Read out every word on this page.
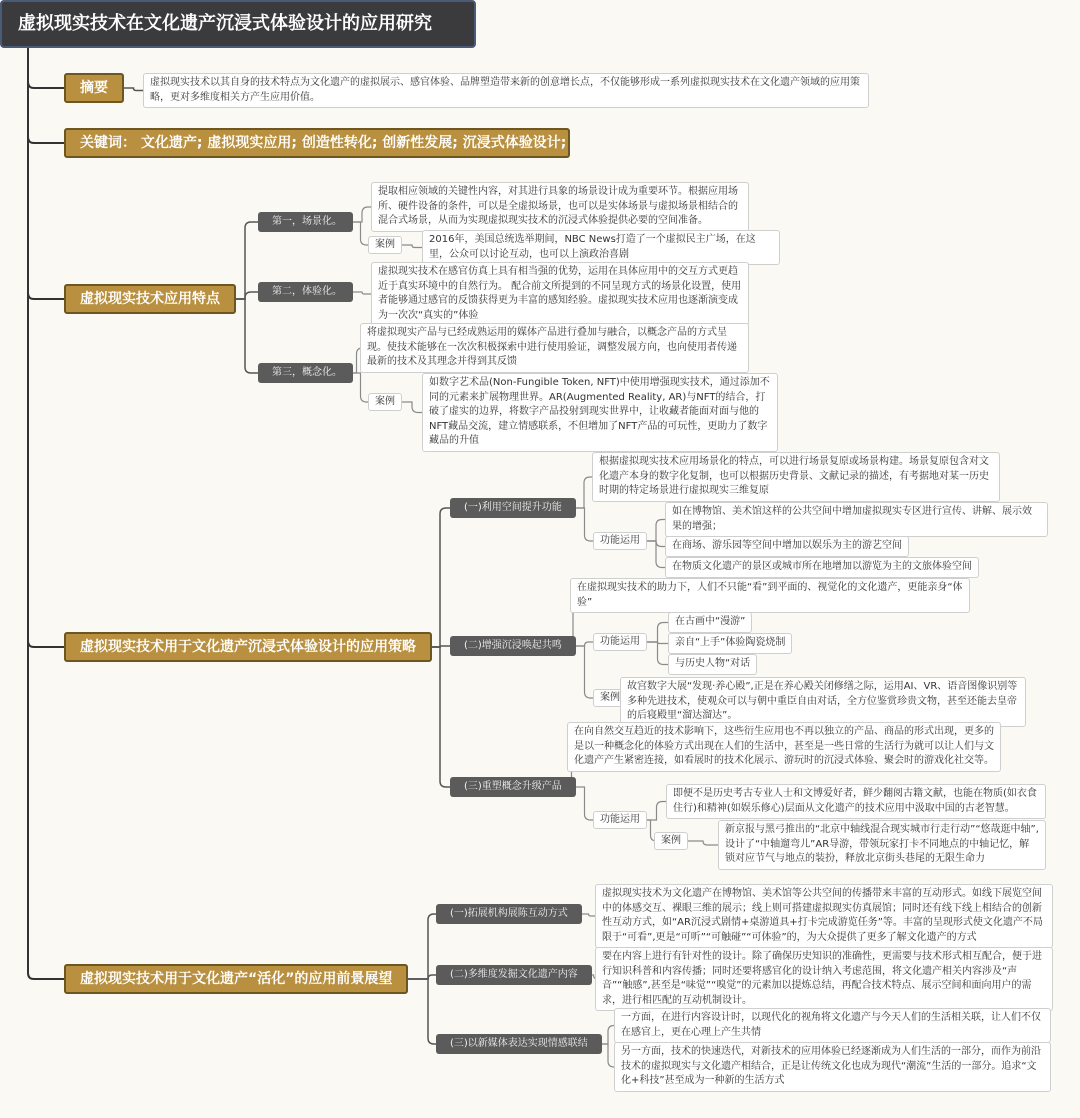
虚拟现实技术在文化遗产沉浸式体验设计的应用研究
摘要	虚拟现实技术以其自身的技术特点为文化遗产的虚拟展示、感官体验、品牌塑造带来新的创意增长点，不仅能够形成一系列虚拟现实技术在文化遗产领域的应用策略，更对多维度相关方产生应用价值。
关键词： 文化遗产; 虚拟现实应用; 创造性转化; 创新性发展; 沉浸式体验设计;
虚拟现实技术应用特点
第一，场景化。
提取相应领域的关键性内容，对其进行具象的场景设计成为重要环节。根据应用场所、硬件设备的条件，可以是全虚拟场景，也可以是实体场景与虚拟场景相结合的混合式场景，从而为实现虚拟现实技术的沉浸式体验提供必要的空间准备。
案例	2016年，美国总统选举期间，NBC News打造了一个虚拟民主广场，在这里，公众可以讨论互动，也可以上演政治喜剧
第二，体验化。
虚拟现实技术在感官仿真上具有相当强的优势，运用在具体应用中的交互方式更趋近于真实环境中的自然行为。 配合前文所提到的不同呈现方式的场景化设置，使用者能够通过感官的反馈获得更为丰富的感知经验。虚拟现实技术应用也逐渐演变成为一次次“真实的”体验
第三，概念化。
将虚拟现实产品与已经成熟运用的媒体产品进行叠加与融合，以概念产品的方式呈现。使技术能够在一次次积极探索中进行使用验证，调整发展方向，也向使用者传递最新的技术及其理念并得到其反馈
案例
如数字艺术品(Non-Fungible Token, NFT)中使用增强现实技术，通过添加不同的元素来扩展物理世界。AR(Augmented Reality, AR)与NFT的结合，打破了虚实的边界，将数字产品投射到现实世界中，让收藏者能面对面与他的NFT藏品交流，建立情感联系，不但增加了NFT产品的可玩性，更助力了数字藏品的升值
虚拟现实技术用于文化遗产沉浸式体验设计的应用策略
(一)利用空间提升功能
根据虚拟现实技术应用场景化的特点，可以进行场景复原或场景构建。场景复原包含对文化遗产本身的数字化复制，也可以根据历史背景、文献记录的描述，有考据地对某一历史时期的特定场景进行虚拟现实三维复原
功能运用
如在博物馆、美术馆这样的公共空间中增加虚拟现实专区进行宣传、讲解、展示效果的增强；
在商场、游乐园等空间中增加以娱乐为主的游艺空间
在物质文化遗产的景区或城市所在地增加以游览为主的文旅体验空间
(二)增强沉浸唤起共鸣
在虚拟现实技术的助力下，人们不只能“看”到平面的、视觉化的文化遗产，更能亲身“体验”
功能运用
在古画中“漫游”
亲自“上手”体验陶瓷烧制
与历史人物“对话
案例
故宫数字大展“发现·养心殿”,正是在养心殿关闭修缮之际，运用AI、VR、语音图像识别等多种先进技术，使观众可以与朝中重臣自由对话，全方位鉴赏珍贵文物，甚至还能去皇帝的后寝殿里“溜达溜达”。
(三)重塑概念升级产品
在向自然交互趋近的技术影响下，这些衍生应用也不再以独立的产品、商品的形式出现，更多的是以一种概念化的体验方式出现在人们的生活中，甚至是一些日常的生活行为就可以让人们与文化遗产产生紧密连接，如看展时的技术化展示、游玩时的沉浸式体验、聚会时的游戏化社交等。
功能运用
即便不是历史考古专业人士和文博爱好者，鲜少翻阅古籍文献，也能在物质(如衣食住行)和精神(如娱乐修心)层面从文化遗产的技术应用中汲取中国的古老智慧。
案例
新京报与黑弓推出的“北京中轴线混合现实城市行走行动”“悠哉逛中轴”,设计了“中轴遛弯儿”AR导游，带领玩家打卡不同地点的中轴记忆，解锁对应节气与地点的装扮，释放北京街头巷尾的无限生命力
虚拟现实技术用于文化遗产“活化”的应用前景展望
(一)拓展机构展陈互动方式
虚拟现实技术为文化遗产在博物馆、美术馆等公共空间的传播带来丰富的互动形式。如线下展览空间中的体感交互、裸眼三维的展示；线上则可搭建虚拟现实仿真展馆；同时还有线下线上相结合的创新性互动方式，如“AR沉浸式剧情+桌游道具+打卡完成游览任务”等。丰富的呈现形式使文化遗产不局限于“可看”,更是“可听”“可触碰”“可体验”的，为大众提供了更多了解文化遗产的方式
(二)多维度发掘文化遗产内容
要在内容上进行有针对性的设计。除了确保历史知识的准确性，更需要与技术形式相互配合，便于进行知识科普和内容传播；同时还要将感官化的设计纳入考虑范围，将文化遗产相关内容涉及“声音”“触感”,甚至是“味觉”“嗅觉”的元素加以提炼总结，再配合技术特点、展示空间和面向用户的需求，进行相匹配的互动机制设计。
(三)以新媒体表达实现情感联结
一方面，在进行内容设计时，以现代化的视角将文化遗产与今天人们的生活相关联，让人们不仅在感官上，更在心理上产生共情
另一方面，技术的快速迭代，对新技术的应用体验已经逐渐成为人们生活的一部分，而作为前沿技术的虚拟现实与文化遗产相结合，正是让传统文化也成为现代“潮流”生活的一部分。追求“文化+科技”甚至成为一种新的生活方式
